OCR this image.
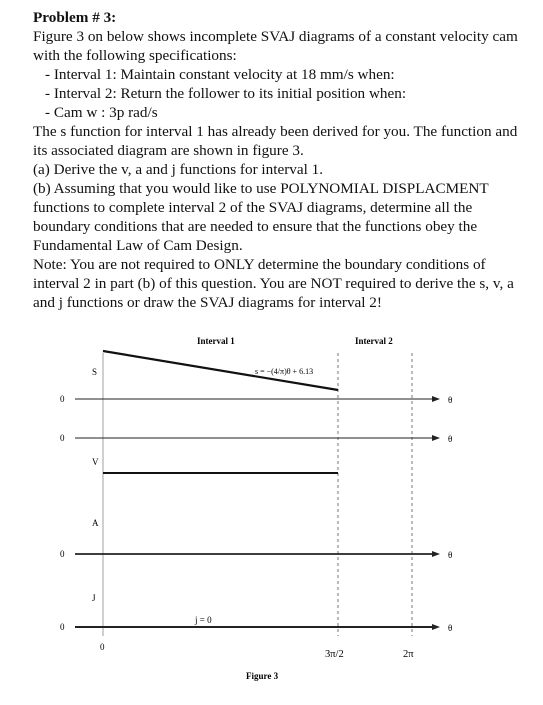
Problem # 3:

Figure 3 on below shows incomplete SVAJ diagrams of a constant velocity cam with the following specifications:

- Interval 1: Maintain constant velocity at 18 mm/s when:

- Interval 2: Return the follower to its initial position when:

- Cam w : 3p rad/s

The s function for interval 1 has already been derived for you. The function and its associated diagram are shown in figure 3.

(a) Derive the v, a and j functions for interval 1.

(b) Assuming that you would like to use POLYNOMIAL DISPLACMENT functions to complete interval 2 of the SVAJ diagrams, determine all the boundary conditions that are needed to ensure that the functions obey the Fundamental Law of Cam Design.

Note: You are not required to ONLY determine the boundary conditions of interval 2 in part (b) of this question. You are NOT required to derive the s, v, a and j functions or draw the SVAJ diagrams for interval 2!

Interval 1	Interval 2
S	s = −(4/π)θ + 6.13
0	θ
0	θ
V
A
0	θ
J
j = 0
0	θ
0
3π/2	2π
Figure 3
